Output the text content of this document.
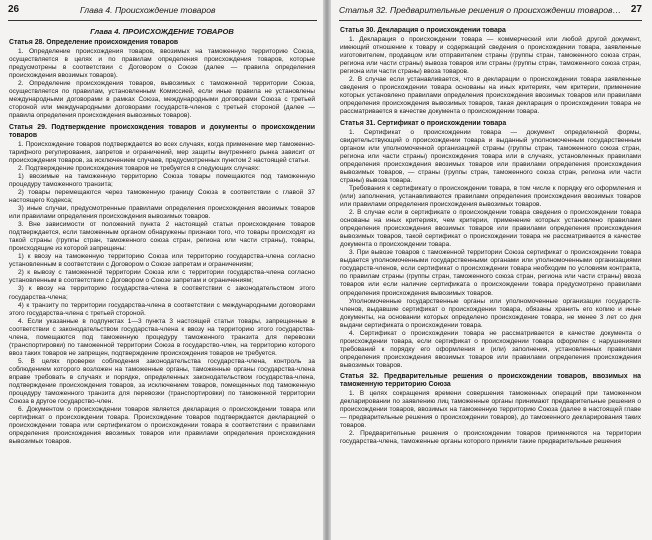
26	Глава 4. Происхождение товаров

Глава 4. ПРОИСХОЖДЕНИЕ ТОВАРОВ

Статья 28. Определение происхождения товаров

1. Определение происхождения товаров, ввозимых на таможенную территорию Союза, осуществляется в целях и по правилам определения происхождения товаров, которые предусмотрены в соответствии с Договором о Союзе (далее — правила определения происхождения ввозимых товаров).

2. Определение происхождения товаров, вывозимых с таможенной территории Союза, осуществляется по правилам, установленным Комиссией, если иные правила не установлены международными договорами в рамках Союза, международными договорами Союза с третьей стороной или международными договорами государств-членов с третьей стороной (далее — правила определения происхождения вывозимых товаров).

Статья 29. Подтверждение происхождения товаров и документы о происхождении товаров

1. Происхождение товаров подтверждается во всех случаях, когда применение мер таможенно-тарифного регулирования, запретов и ограничений, мер защиты внутреннего рынка зависит от происхождения товаров, за исключением случаев, предусмотренных пунктом 2 настоящей статьи.

2. Подтверждение происхождения товаров не требуется в следующих случаях:

1) ввозимые на таможенную территорию Союза товары помещаются под таможенную процедуру таможенного транзита;

2) товары перемещаются через таможенную границу Союза в соответствии с главой 37 настоящего Кодекса;

3) иные случаи, предусмотренные правилами определения происхождения ввозимых товаров или правилами определения происхождения вывозимых товаров.

3. Вне зависимости от положений пункта 2 настоящей статьи происхождение товаров подтверждается, если таможенным органом обнаружены признаки того, что товары происходят из такой страны (группы стран, таможенного союза стран, региона или части страны), товары, происходящие из которой запрещены:

1) к ввозу на таможенную территорию Союза или территорию государства-члена согласно установленным в соответствии с Договором о Союзе запретам и ограничениям;

2) к вывозу с таможенной территории Союза или с территории государства-члена согласно установленным в соответствии с Договором о Союзе запретам и ограничениям;

3) к ввозу на территорию государства-члена в соответствии с законодательством этого государства-члена;

4) к транзиту по территории государства-члена в соответствии с международными договорами этого государства-члена с третьей стороной.

4. Если указанные в подпунктах 1—3 пункта 3 настоящей статьи товары, запрещенные в соответствии с законодательством государства-члена к ввозу на территорию этого государства-члена, помещаются под таможенную процедуру таможенного транзита для перевозки (транспортировки) по таможенной территории Союза в государство-член, на территорию которого ввоз таких товаров не запрещен, подтверждение происхождения товаров не требуется.

5. В целях проверки соблюдения законодательства государства-члена, контроль за соблюдением которого возложен на таможенные органы, таможенные органы государства-члена вправе требовать в случаях и порядке, определенных законодательством государства-члена, подтверждение происхождения товаров, за исключением товаров, помещенных под таможенную процедуру таможенного транзита для перевозки (транспортировки) по таможенной территории Союза в другое государство-член.

6. Документом о происхождении товаров является декларация о происхождении товара или сертификат о происхождении товара. Происхождение товаров подтверждается декларацией о происхождении товара или сертификатом о происхождении товара в соответствии с правилами определения происхождения ввозимых товаров или правилами определения происхождения вывозимых товаров.

Статья 32. Предварительные решения о происхождении товаров… 27

Статья 30. Декларация о происхождении товара

1. Декларация о происхождении товара — коммерческий или любой другой документ, имеющий отношение к товару и содержащий сведения о происхождении товара, заявленные изготовителем, продавцом или отправителем страны (группы стран, таможенного союза стран, региона или части страны) вывоза товаров или страны (группы стран, таможенного союза стран, региона или части страны) ввоза товаров.

2. В случае если устанавливается, что в декларации о происхождении товара заявленные сведения о происхождении товара основаны на иных критериях, чем критерии, применение которых установлено правилами определения происхождения ввозимых товаров или правилами определения происхождения вывозимых товаров, такая декларация о происхождении товара не рассматривается в качестве документа о происхождении товара.

Статья 31. Сертификат о происхождении товара

1. Сертификат о происхождении товара — документ определенной формы, свидетельствующий о происхождении товара и выданный уполномоченным государственным органом или уполномоченной организацией страны (группы стран, таможенного союза стран, региона или части страны) происхождения товара или в случаях, установленных правилами определения происхождения ввозимых товаров или правилами определения происхождения вывозимых товаров, — страны (группы стран, таможенного союза стран, региона или части страны) вывоза товара.

Требования к сертификату о происхождении товара, в том числе к порядку его оформления и (или) заполнения, устанавливаются правилами определения происхождения ввозимых товаров или правилами определения происхождения вывозимых товаров.

2. В случае если в сертификате о происхождении товара сведения о происхождении товара основаны на иных критериях, чем критерии, применение которых установлено правилами определения происхождения ввозимых товаров или правилами определения происхождения вывозимых товаров, такой сертификат о происхождении товара не рассматривается в качестве документа о происхождении товара.

3. При вывозе товаров с таможенной территории Союза сертификат о происхождении товара выдается уполномоченными государственными органами или уполномоченными организациями государств-членов, если сертификат о происхождении товара необходим по условиям контракта, по правилам страны (группы стран, таможенного союза стран, региона или части страны) ввоза товаров или если наличие сертификата о происхождении товара предусмотрено правилами определения происхождения вывозимых товаров.

Уполномоченные государственные органы или уполномоченные организации государств-членов, выдавшие сертификат о происхождении товара, обязаны хранить его копию и иные документы, на основании которых определено происхождение товара, не менее 3 лет со дня выдачи сертификата о происхождении товара.

4. Сертификат о происхождении товара не рассматривается в качестве документа о происхождении товара, если сертификат о происхождении товара оформлен с нарушениями требований к порядку его оформления и (или) заполнения, установленных правилами определения происхождения ввозимых товаров или правилами определения происхождения вывозимых товаров.

Статья 32. Предварительные решения о происхождении товаров, ввозимых на таможенную территорию Союза

1. В целях сокращения времени совершения таможенных операций при таможенном декларировании по заявлению лиц таможенные органы принимают предварительные решения о происхождении товаров, ввозимых на таможенную территорию Союза (далее в настоящей главе — предварительные решения о происхождении товаров), до таможенного декларирования таких товаров.

2. Предварительные решения о происхождении товаров применяются на территории государства-члена, таможенные органы которого приняли такие предварительные решения
